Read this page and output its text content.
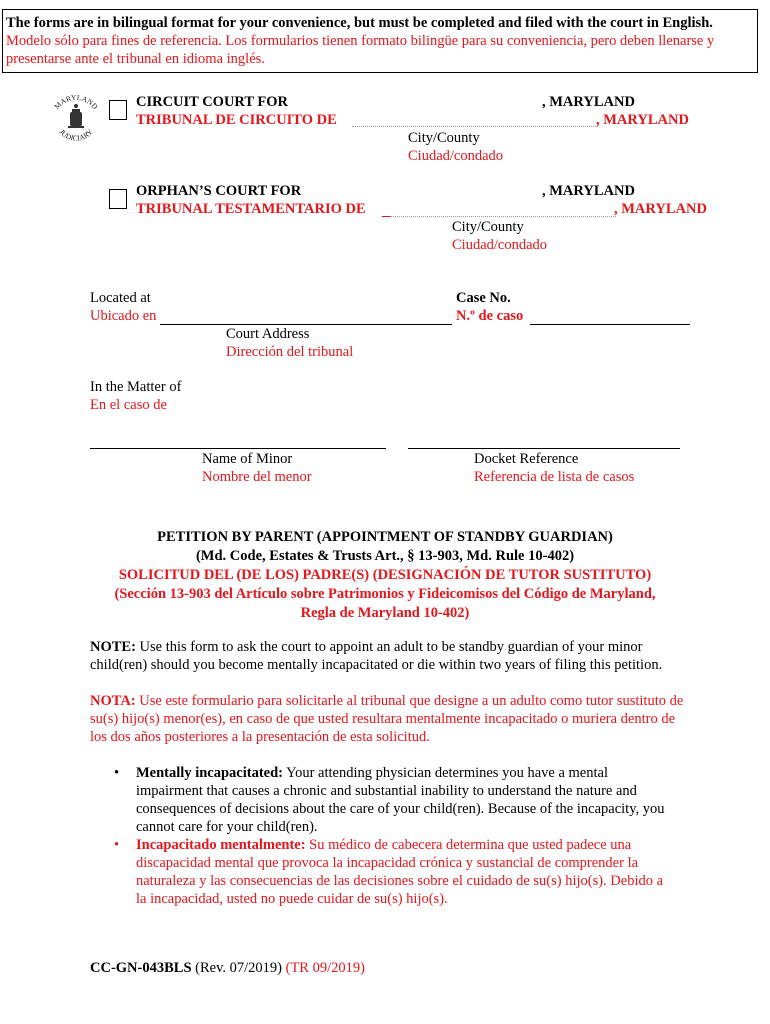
The forms are in bilingual format for your convenience, but must be completed and filed with the court in English.
Modelo sólo para fines de referencia. Los formularios tienen formato bilingüe para su conveniencia, pero deben llenarse y
presentarse ante el tribunal en idioma inglés.
MARYLAND
JUDICIARY
CIRCUIT COURT FOR	, MARYLAND
TRIBUNAL DE CIRCUITO DE	, MARYLAND
City/County
Ciudad/condado
ORPHAN’S COURT FOR	, MARYLAND
TRIBUNAL TESTAMENTARIO DE	, MARYLAND
City/County
Ciudad/condado
Located at
Ubicado en
Court Address
Dirección del tribunal
Case No.
N.º de caso
In the Matter of
En el caso de
Name of Minor
Nombre del menor
Docket Reference
Referencia de lista de casos
PETITION BY PARENT (APPOINTMENT OF STANDBY GUARDIAN)
(Md. Code, Estates & Trusts Art., § 13-903, Md. Rule 10-402)
SOLICITUD DEL (DE LOS) PADRE(S) (DESIGNACIÓN DE TUTOR SUSTITUTO)
(Sección 13-903 del Artículo sobre Patrimonios y Fideicomisos del Código de Maryland,
Regla de Maryland 10-402)
NOTE: Use this form to ask the court to appoint an adult to be standby guardian of your minor child(ren) should you become mentally incapacitated or die within two years of filing this petition.
NOTA: Use este formulario para solicitarle al tribunal que designe a un adulto como tutor sustituto de su(s) hijo(s) menor(es), en caso de que usted resultara mentalmente incapacitado o muriera dentro de los dos años posteriores a la presentación de esta solicitud.
• Mentally incapacitated: Your attending physician determines you have a mental impairment that causes a chronic and substantial inability to understand the nature and consequences of decisions about the care of your child(ren). Because of the incapacity, you cannot care for your child(ren).
• Incapacitado mentalmente: Su médico de cabecera determina que usted padece una discapacidad mental que provoca la incapacidad crónica y sustancial de comprender la naturaleza y las consecuencias de las decisiones sobre el cuidado de su(s) hijo(s). Debido a la incapacidad, usted no puede cuidar de su(s) hijo(s).
CC-GN-043BLS (Rev. 07/2019) (TR 09/2019)
